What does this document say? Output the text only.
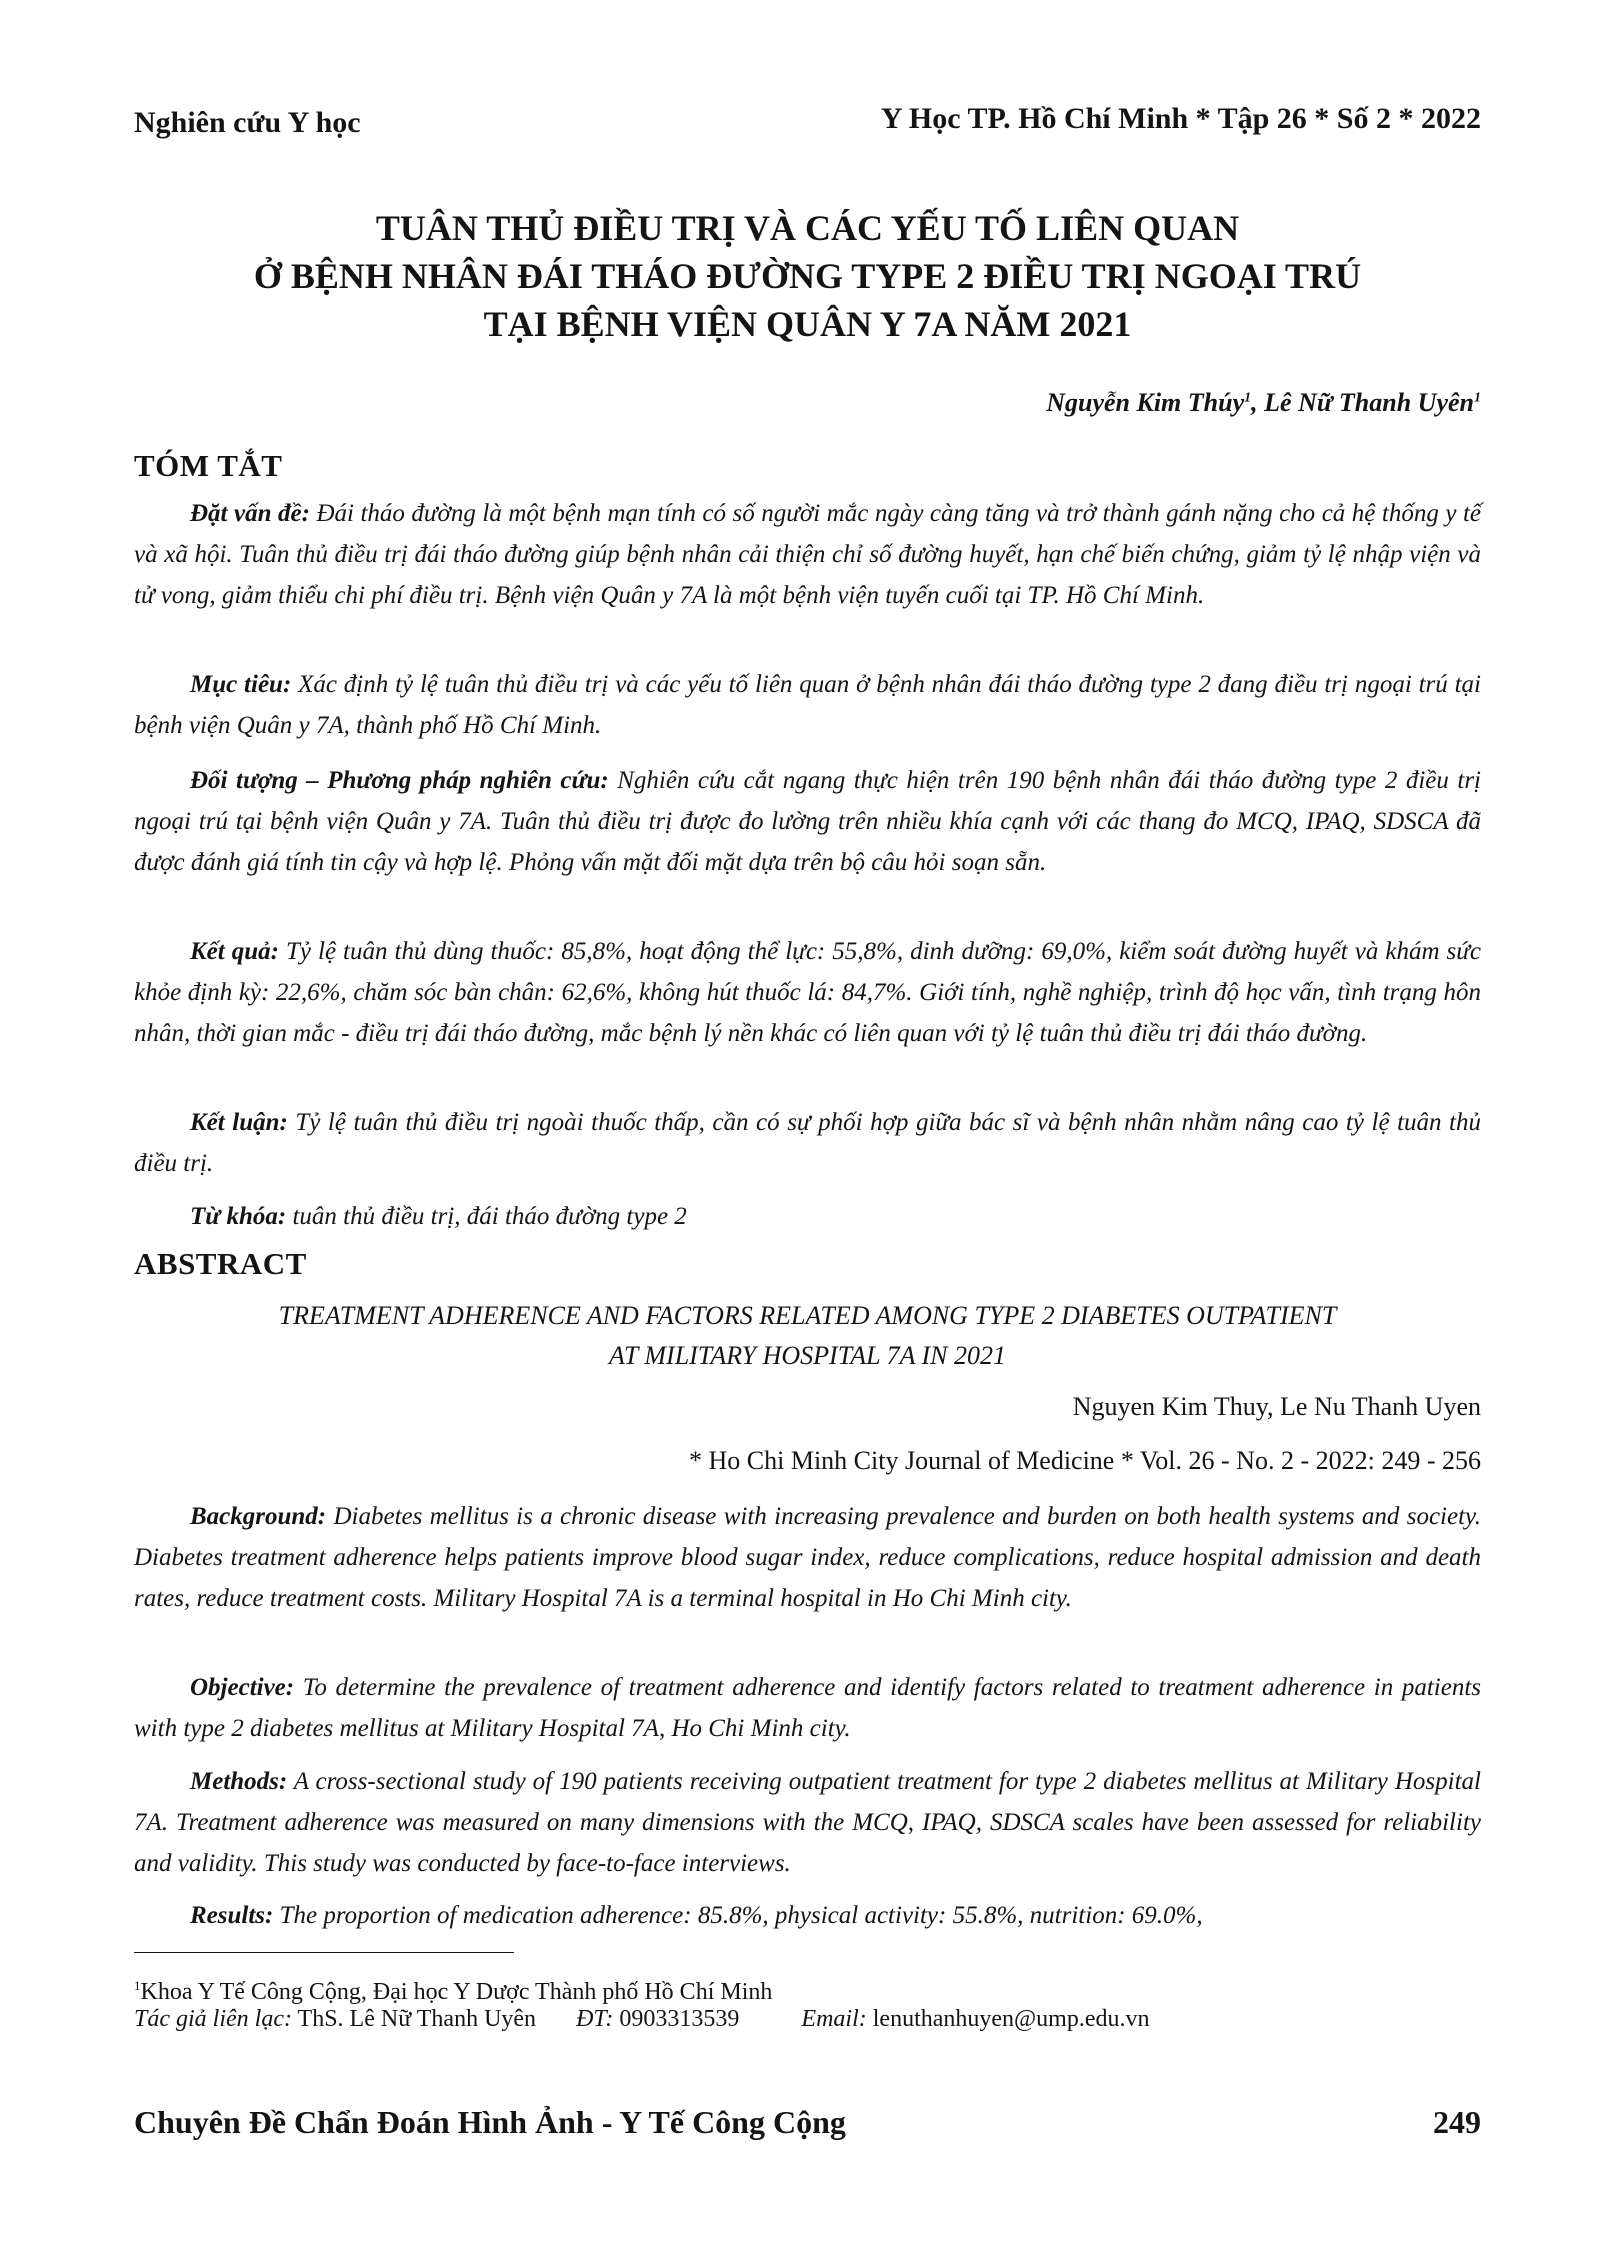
Nghiên cứu Y học	Y Học TP. Hồ Chí Minh * Tập 26 * Số 2 * 2022
TUÂN THỦ ĐIỀU TRỊ VÀ CÁC YẾU TỐ LIÊN QUAN
Ở BỆNH NHÂN ĐÁI THÁO ĐƯỜNG TYPE 2 ĐIỀU TRỊ NGOẠI TRÚ
TẠI BỆNH VIỆN QUÂN Y 7A NĂM 2021
Nguyễn Kim Thúy$^1$, Lê Nữ Thanh Uyên$^1$
TÓM TẮT

Đặt vấn đề: Đái tháo đường là một bệnh mạn tính có số người mắc ngày càng tăng và trở thành gánh nặng cho cả hệ thống y tế và xã hội. Tuân thủ điều trị đái tháo đường giúp bệnh nhân cải thiện chỉ số đường huyết, hạn chế biến chứng, giảm tỷ lệ nhập viện và tử vong, giảm thiểu chi phí điều trị. Bệnh viện Quân y 7A là một bệnh viện tuyến cuối tại TP. Hồ Chí Minh.

Mục tiêu: Xác định tỷ lệ tuân thủ điều trị và các yếu tố liên quan ở bệnh nhân đái tháo đường type 2 đang điều trị ngoại trú tại bệnh viện Quân y 7A, thành phố Hồ Chí Minh.

Đối tượng – Phương pháp nghiên cứu: Nghiên cứu cắt ngang thực hiện trên 190 bệnh nhân đái tháo đường type 2 điều trị ngoại trú tại bệnh viện Quân y 7A. Tuân thủ điều trị được đo lường trên nhiều khía cạnh với các thang đo MCQ, IPAQ, SDSCA đã được đánh giá tính tin cậy và hợp lệ. Phỏng vấn mặt đối mặt dựa trên bộ câu hỏi soạn sẵn.

Kết quả: Tỷ lệ tuân thủ dùng thuốc: 85,8%, hoạt động thể lực: 55,8%, dinh dưỡng: 69,0%, kiểm soát đường huyết và khám sức khỏe định kỳ: 22,6%, chăm sóc bàn chân: 62,6%, không hút thuốc lá: 84,7%. Giới tính, nghề nghiệp, trình độ học vấn, tình trạng hôn nhân, thời gian mắc - điều trị đái tháo đường, mắc bệnh lý nền khác có liên quan với tỷ lệ tuân thủ điều trị đái tháo đường.

Kết luận: Tỷ lệ tuân thủ điều trị ngoài thuốc thấp, cần có sự phối hợp giữa bác sĩ và bệnh nhân nhằm nâng cao tỷ lệ tuân thủ điều trị.

Từ khóa: tuân thủ điều trị, đái tháo đường type 2

ABSTRACT
TREATMENT ADHERENCE AND FACTORS RELATED AMONG TYPE 2 DIABETES OUTPATIENT
AT MILITARY HOSPITAL 7A IN 2021
Nguyen Kim Thuy, Le Nu Thanh Uyen
* Ho Chi Minh City Journal of Medicine * Vol. 26 - No. 2 - 2022: 249 - 256

Background: Diabetes mellitus is a chronic disease with increasing prevalence and burden on both health systems and society. Diabetes treatment adherence helps patients improve blood sugar index, reduce complications, reduce hospital admission and death rates, reduce treatment costs. Military Hospital 7A is a terminal hospital in Ho Chi Minh city.

Objective: To determine the prevalence of treatment adherence and identify factors related to treatment adherence in patients with type 2 diabetes mellitus at Military Hospital 7A, Ho Chi Minh city.

Methods: A cross-sectional study of 190 patients receiving outpatient treatment for type 2 diabetes mellitus at Military Hospital 7A. Treatment adherence was measured on many dimensions with the MCQ, IPAQ, SDSCA scales have been assessed for reliability and validity. This study was conducted by face-to-face interviews.

Results: The proportion of medication adherence: 85.8%, physical activity: 55.8%, nutrition: 69.0%,

$^1$Khoa Y Tế Công Cộng, Đại học Y Dược Thành phố Hồ Chí Minh
Tác giả liên lạc: ThS. Lê Nữ Thanh Uyên ĐT: 0903313539	Email: lenuthanhuyen@ump.edu.vn
Chuyên Đề Chẩn Đoán Hình Ảnh - Y Tế Công Cộng	249
